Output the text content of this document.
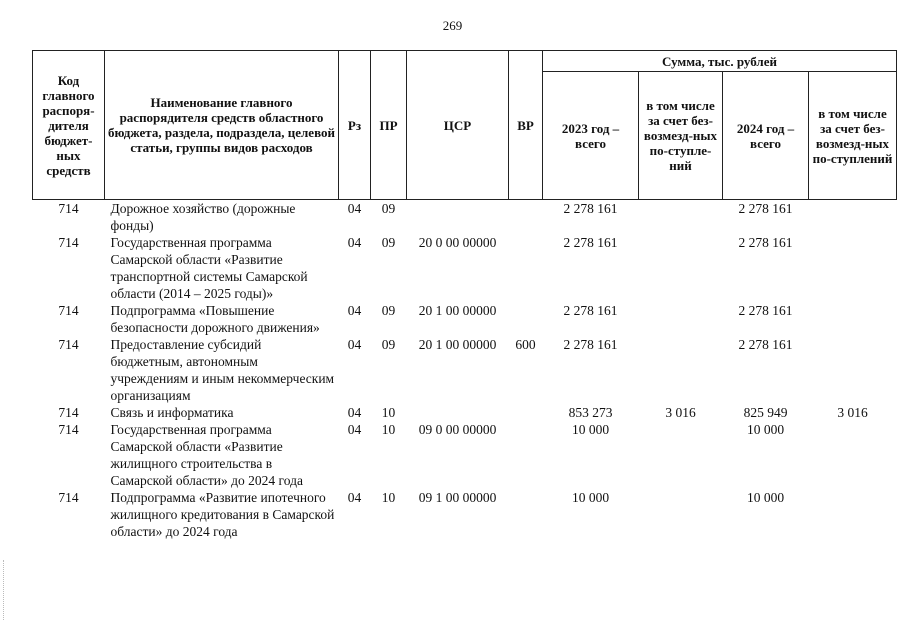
269
Код главного распоря-дителя бюджет-ных средств	Наименование главного распорядителя средств областного бюджета, раздела, подраздела, целевой статьи, группы видов расходов	Рз	ПР	ЦСР	ВР	Сумма, тыс. рублей			
						2023 год – всего	в том числе за счет без-возмезд-ных по-ступле-ний	2024 год – всего	в том числе за счет без-возмезд-ных по-ступлений
714	Дорожное хозяйство (дорожные фонды)	04	09			2 278 161		2 278 161	
714	Государственная программа Самарской области «Развитие транспортной системы Самарской области (2014 – 2025 годы)»	04	09	20 0 00 00000		2 278 161		2 278 161	
714	Подпрограмма «Повышение безопасности дорожного движения»	04	09	20 1 00 00000		2 278 161		2 278 161	
714	Предоставление субсидий бюджетным, автономным учреждениям и иным некоммерческим организациям	04	09	20 1 00 00000	600	2 278 161		2 278 161	
714	Связь и информатика	04	10			853 273	3 016	825 949	3 016
714	Государственная программа Самарской области «Развитие жилищного строительства в Самарской области» до 2024 года	04	10	09 0 00 00000		10 000		10 000	
714	Подпрограмма «Развитие ипотечного жилищного кредитования в Самарской области» до 2024 года	04	10	09 1 00 00000		10 000		10 000	
